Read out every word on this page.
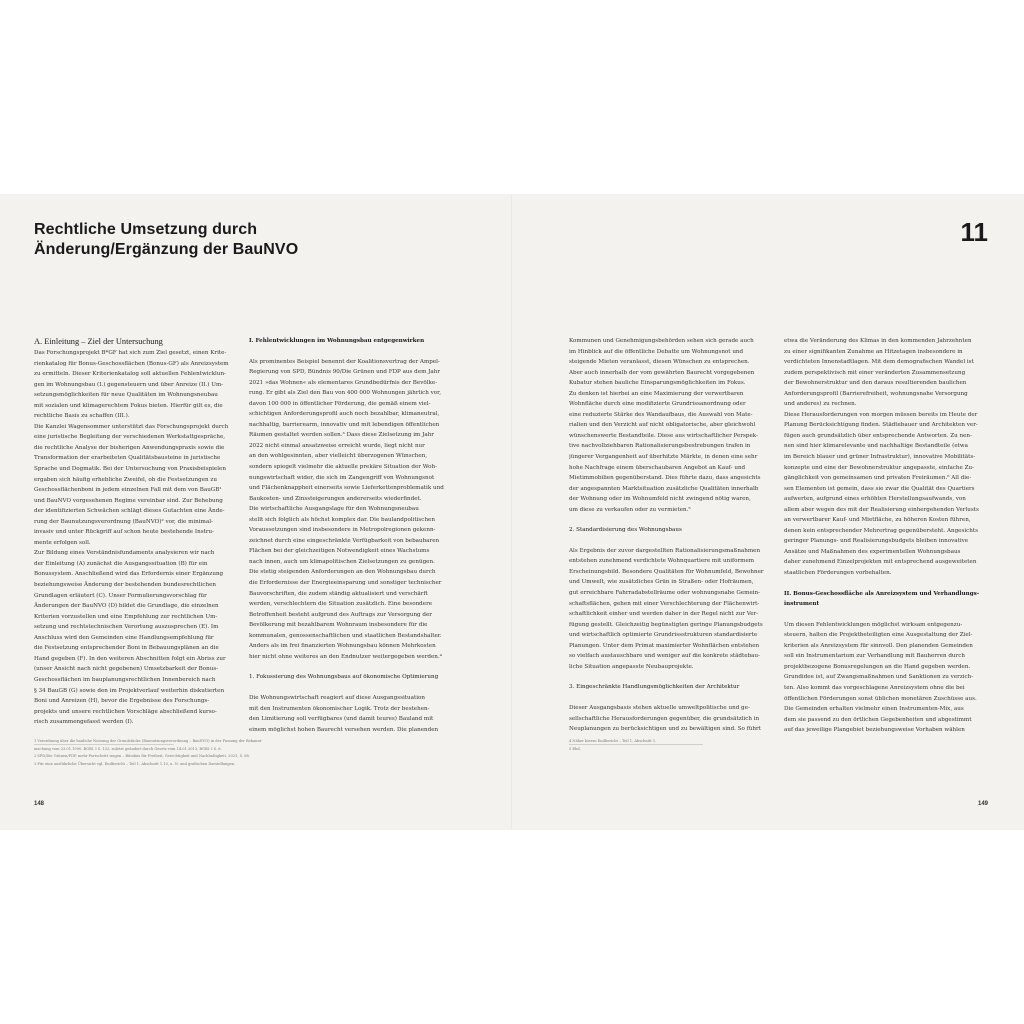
Rechtliche Umsetzung durch
Änderung/Ergänzung der BauNVO
11

A. Einleitung – Ziel der Untersuchung

Das Forschungsprojekt B*GF hat sich zum Ziel gesetzt, einen Krite-
rienkatalog für Bonus-Geschossflächen (Bonus-GF) als Anreizsystem
zu ermitteln. Dieser Kriterienkatalog soll aktuellen Fehlentwicklun-
gen im Wohnungsbau (I.) gegensteuern und über Anreize (II.) Um-
setzungsmöglichkeiten für neue Qualitäten im Wohnungsneubau
mit sozialen und klimagerechtem Fokus bieten. Hierfür gilt es, die
rechtliche Basis zu schaffen (III.).
Die Kanzlei Wagensommer unterstützt das Forschungsprojekt durch
eine juristische Begleitung der verschiedenen Werkstattgespräche,
die rechtliche Analyse der bisherigen Anwendungspraxis sowie die
Transformation der erarbeiteten Qualitätsbausteine in juristische
Sprache und Dogmatik. Bei der Untersuchung von Praxisbeispielen
ergaben sich häufig erhebliche Zweifel, ob die Festsetzungen zu
Geschossflächenboni in jedem einzelnen Fall mit dem von BauGB¹
und BauNVO vorgesehenen Regime vereinbar sind. Zur Behebung
der identifizierten Schwächen schlägt dieses Gutachten eine Ände-
rung der Baunutzungsverordnung (BauNVO)² vor, die minimal-
invasiv und unter Rückgriff auf schon heute bestehende Instru-
mente erfolgen soll.
Zur Bildung eines Verständnisfundaments analysieren wir nach
der Einleitung (A) zunächst die Ausgangssituation (B) für ein
Bonussystem. Anschließend wird das Erfordernis einer Ergänzung
beziehungsweise Änderung der bestehenden bundesrechtlichen
Grundlagen erläutert (C). Unser Formulierungsvorschlag für
Änderungen der BauNVO (D) bildet die Grundlage, die einzelnen
Kriterien vorzustellen und eine Empfehlung zur rechtlichen Um-
setzung und rechtstechnischen Verortung auszusprechen (E). Im
Anschluss wird den Gemeinden eine Handlungsempfehlung für
die Festsetzung entsprechender Boni in Bebauungsplänen an die
Hand gegeben (F). In den weiteren Abschnitten folgt ein Abriss zur
(unser Ansicht nach nicht gegebenen) Umsetzbarkeit der Bonus-
Geschossflächen im bauplanungsrechtlichen Innenbereich nach
§ 34 BauGB (G) sowie den im Projektverlauf weiterhin diskutierten
Boni und Anreizen (H), bevor die Ergebnisse des Forschungs-
projekts und unsere rechtlichen Vorschläge abschließend kurso-
risch zusammengefasst werden (I).

I. Fehlentwicklungen im Wohnungsbau entgegenwirken

Als prominentes Beispiel benennt der Koalitionsvertrag der Ampel-
Regierung von SPD, Bündnis 90/Die Grünen und FDP aus dem Jahr
2021 »das Wohnen« als elementares Grundbedürfnis der Bevölke-
rung. Er gibt als Ziel den Bau von 400 000 Wohnungen jährlich vor,
davon 100 000 in öffentlicher Förderung, die gemäß einem viel-
schichtigen Anforderungsprofil auch noch bezahlbar, klimaneutral,
nachhaltig, barrierearm, innovativ und mit lebendigen öffentlichen
Räumen gestaltet werden sollen.³ Dass diese Zielsetzung im Jahr
2022 nicht einmal ansatzweise erreicht wurde, liegt nicht nur
an den wohlgesinnten, aber vielleicht überzogenen Wünschen,
sondern spiegelt vielmehr die aktuelle prekäre Situation der Woh-
nungswirtschaft wider, die sich im Zangengriff von Wohnungsnot
und Flächenknappheit einerseits sowie Lieferkettenproblematik und
Baukosten- und Zinssteigerungen andererseits wiederfindet.
Die wirtschaftliche Ausgangslage für den Wohnungsneubau
stellt sich folglich als höchst komplex dar. Die baulandpolitischen
Voraussetzungen sind insbesondere in Metropolregionen gekenn-
zeichnet durch eine eingeschränkte Verfügbarkeit von bebaubaren
Flächen bei der gleichzeitigen Notwendigkeit eines Wachstums
nach innen, auch um klimapolitischen Zielsetzungen zu genügen.
Die stetig steigenden Anforderungen an den Wohnungsbau durch
die Erfordernisse der Energieeinsparung und sonstiger technischer
Bauvorschriften, die zudem ständig aktualisiert und verschärft
werden, verschlechtern die Situation zusätzlich. Eine besondere
Betroffenheit besteht aufgrund des Auftrags zur Versorgung der
Bevölkerung mit bezahlbarem Wohnraum insbesondere für die
kommunalen, genossenschaftlichen und staatlichen Bestandshalter.
Anders als im frei finanzierten Wohnungsbau können Mehrkosten
hier nicht ohne weiteres an den Endnutzer weitergegeben werden.⁴

1. Fokussierung des Wohnungsbaus auf ökonomische Optimierung

Die Wohnungswirtschaft reagiert auf diese Ausgangssituation
mit den Instrumenten ökonomischer Logik. Trotz der bestehen-
den Limitierung soll verfügbares (und damit teures) Bauland mit
einem möglichst hohen Baurecht versehen werden. Die planenden
Kommunen und Genehmigungsbehörden sehen sich gerade auch
im Hinblick auf die öffentliche Debatte um Wohnungsnot und
steigende Mieten veranlasst, diesen Wünschen zu entsprechen.
Aber auch innerhalb der vom gewährten Baurecht vorgegebenen
Kubatur stehen bauliche Einsparungsmöglichkeiten im Fokus.
Zu denken ist hierbei an eine Maximierung der verwertbaren
Wohnfläche durch eine modifizierte Grundrissanordnung oder
eine reduzierte Stärke des Wandaufbaus, die Auswahl von Mate-
rialien und den Verzicht auf nicht obligatorische, aber gleichwohl
wünschenswerte Bestandteile. Diese aus wirtschaftlicher Perspek-
tive nachvollziehbaren Rationalisierungsbestrebungen trafen in
jüngerer Vergangenheit auf überhitzte Märkte, in denen eine sehr
hohe Nachfrage einem überschaubaren Angebot an Kauf- und
Mietimmobilien gegenüberstand. Dies führte dazu, dass angesichts
der angespannten Marktsituation zusätzliche Qualitäten innerhalb
der Wohnung oder im Wohnumfeld nicht zwingend nötig waren,
um diese zu verkaufen oder zu vermieten.⁵

2. Standardisierung des Wohnungsbaus

Als Ergebnis der zuvor dargestellten Rationalisierungsmaßnahmen
entstehen zunehmend verdichtete Wohnquartiere mit uniformem
Erscheinungsbild. Besondere Qualitäten für Wohnumfeld, Bewohner
und Umwelt, wie zusätzliches Grün in Straßen- oder Hofräumen,
gut erreichbare Fahrradabstellräume oder wohnungsnahe Gemein-
schaftsflächen, gehen mit einer Verschlechterung der Flächenwirt-
schaftlichkeit einher und werden daher in der Regel nicht zur Ver-
fügung gestellt. Gleichzeitig begünstigten geringe Planungsbudgets
und wirtschaftlich optimierte Grundrissstrukturen standardisierte
Planungen. Unter dem Primat maximierter Wohnflächen entstehen
so vielfach austauschbare und weniger auf die konkrete städtebau-
liche Situation angepasste Neubauprojekte.

3. Eingeschränkte Handlungsmöglichkeiten der Architektur

Dieser Ausgangsbasis stehen aktuelle umweltpolitische und ge-
sellschaftliche Herausforderungen gegenüber, die grundsätzlich in
Neuplanungen zu berücksichtigen und zu bewältigen sind. So führt
etwa die Veränderung des Klimas in den kommenden Jahrzehnten
zu einer signifikanten Zunahme an Hitzetagen insbesondere in
verdichteten Innenstadtlagen. Mit dem demografischen Wandel ist
zudem perspektivisch mit einer veränderten Zusammensetzung
der Bewohnerstruktur und den daraus resultierenden baulichen
Anforderungsprofil (Barrierefreiheit, wohnungsnahe Versorgung
und anderes) zu rechnen.
Diese Herausforderungen von morgen müssen bereits im Heute der
Planung Berücksichtigung finden. Städtebauer und Architekten ver-
fügen auch grundsätzlich über entsprechende Antworten. Zu nen-
nen sind hier klimarelevante und nachhaltige Bestandteile (etwa
im Bereich blauer und grüner Infrastruktur), innovative Mobilitäts-
konzepte und eine der Bewohnerstruktur angepasste, einfache Zu-
gänglichkeit von gemeinsamen und privaten Freiräumen.⁶ All die-
sen Elementen ist gemein, dass sie zwar die Qualität des Quartiers
aufwerten, aufgrund eines erhöhten Herstellungsaufwands, von
allem aber wegen des mit der Realisierung einhergehenden Verlusts
an verwertbarer Kauf- und Mietfläche, zu höheren Kosten führen,
denen kein entsprechender Mehrertrag gegenübersteht. Angesichts
geringer Planungs- und Realisierungsbudgets bleiben innovative
Ansätze und Maßnahmen des experimentellen Wohnungsbaus
daher zunehmend Einzelprojekten mit entsprechend ausgeweiteten
staatlichen Förderungen vorbehalten.

II. Bonus-Geschossfläche als Anreizsystem und Verhandlungs-
instrument

Um diesen Fehlentwicklungen möglichst wirksam entgegenzu-
steuern, halten die Projektbeteiligten eine Ausgestaltung der Ziel-
kriterien als Anreizsystem für sinnvoll. Den planenden Gemeinden
soll ein Instrumentarium zur Verhandlung mit Bauherren durch
projektbezogene Bonusregelungen an die Hand gegeben werden.
Grundidee ist, auf Zwangsmaßnahmen und Sanktionen zu verzich-
ten. Also kommt das vorgeschlagene Anreizsystem ohne die bei
öffentlichen Förderungen sonst üblichen monetären Zuschüsse aus.
Die Gemeinden erhalten vielmehr einen Instrumenten-Mix, aus
dem sie passend zu den örtlichen Gegebenheiten und abgestimmt
auf das jeweilige Plangebiet beziehungsweise Vorhaben wählen
1 Verordnung über die bauliche Nutzung der Grundstücke (Baunutzungsverordnung – BauNVO) in der Fassung der Bekannt-
machung vom 23.01.1990, BGBl. I S. 132, zuletzt geändert durch Gesetz vom 14.01.2013, BGBl. I S. 6.
2 SPD/Die Grünen/FDP, mehr Fortschritt wagen – Bündnis für Freiheit, Gerechtigkeit und Nachhaltigkeit, 2021, S. 88.
3 Für eine ausführliche Übersicht vgl. Endbericht – Teil 1, Abschnitt 1.10, u. N. und grafischen Darstellungen.
4 Näher hierzu Endbericht – Teil 1, Abschnitt 1.
5 Ebd.
148	149
